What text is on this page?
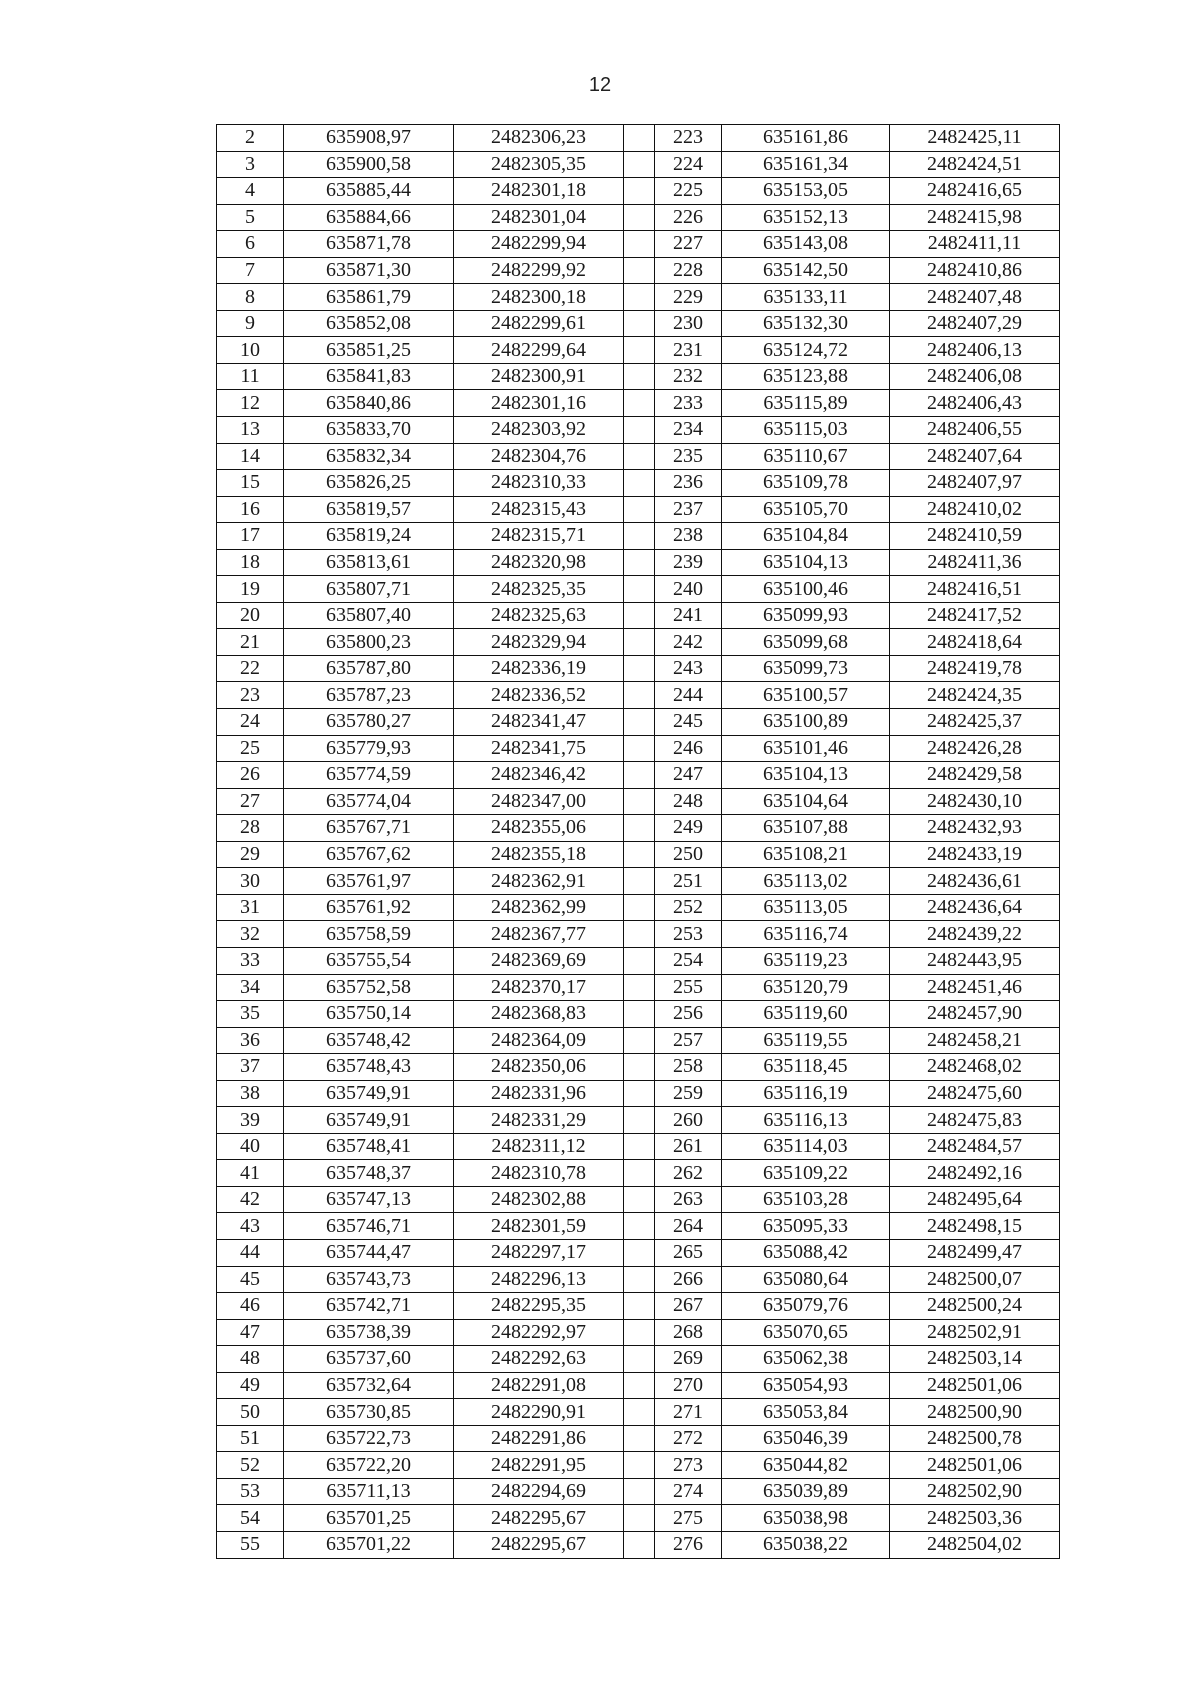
12
2	635908,97	2482306,23		223	635161,86	2482425,11
3	635900,58	2482305,35		224	635161,34	2482424,51
4	635885,44	2482301,18		225	635153,05	2482416,65
5	635884,66	2482301,04		226	635152,13	2482415,98
6	635871,78	2482299,94		227	635143,08	2482411,11
7	635871,30	2482299,92		228	635142,50	2482410,86
8	635861,79	2482300,18		229	635133,11	2482407,48
9	635852,08	2482299,61		230	635132,30	2482407,29
10	635851,25	2482299,64		231	635124,72	2482406,13
11	635841,83	2482300,91		232	635123,88	2482406,08
12	635840,86	2482301,16		233	635115,89	2482406,43
13	635833,70	2482303,92		234	635115,03	2482406,55
14	635832,34	2482304,76		235	635110,67	2482407,64
15	635826,25	2482310,33		236	635109,78	2482407,97
16	635819,57	2482315,43		237	635105,70	2482410,02
17	635819,24	2482315,71		238	635104,84	2482410,59
18	635813,61	2482320,98		239	635104,13	2482411,36
19	635807,71	2482325,35		240	635100,46	2482416,51
20	635807,40	2482325,63		241	635099,93	2482417,52
21	635800,23	2482329,94		242	635099,68	2482418,64
22	635787,80	2482336,19		243	635099,73	2482419,78
23	635787,23	2482336,52		244	635100,57	2482424,35
24	635780,27	2482341,47		245	635100,89	2482425,37
25	635779,93	2482341,75		246	635101,46	2482426,28
26	635774,59	2482346,42		247	635104,13	2482429,58
27	635774,04	2482347,00		248	635104,64	2482430,10
28	635767,71	2482355,06		249	635107,88	2482432,93
29	635767,62	2482355,18		250	635108,21	2482433,19
30	635761,97	2482362,91		251	635113,02	2482436,61
31	635761,92	2482362,99		252	635113,05	2482436,64
32	635758,59	2482367,77		253	635116,74	2482439,22
33	635755,54	2482369,69		254	635119,23	2482443,95
34	635752,58	2482370,17		255	635120,79	2482451,46
35	635750,14	2482368,83		256	635119,60	2482457,90
36	635748,42	2482364,09		257	635119,55	2482458,21
37	635748,43	2482350,06		258	635118,45	2482468,02
38	635749,91	2482331,96		259	635116,19	2482475,60
39	635749,91	2482331,29		260	635116,13	2482475,83
40	635748,41	2482311,12		261	635114,03	2482484,57
41	635748,37	2482310,78		262	635109,22	2482492,16
42	635747,13	2482302,88		263	635103,28	2482495,64
43	635746,71	2482301,59		264	635095,33	2482498,15
44	635744,47	2482297,17		265	635088,42	2482499,47
45	635743,73	2482296,13		266	635080,64	2482500,07
46	635742,71	2482295,35		267	635079,76	2482500,24
47	635738,39	2482292,97		268	635070,65	2482502,91
48	635737,60	2482292,63		269	635062,38	2482503,14
49	635732,64	2482291,08		270	635054,93	2482501,06
50	635730,85	2482290,91		271	635053,84	2482500,90
51	635722,73	2482291,86		272	635046,39	2482500,78
52	635722,20	2482291,95		273	635044,82	2482501,06
53	635711,13	2482294,69		274	635039,89	2482502,90
54	635701,25	2482295,67		275	635038,98	2482503,36
55	635701,22	2482295,67		276	635038,22	2482504,02
